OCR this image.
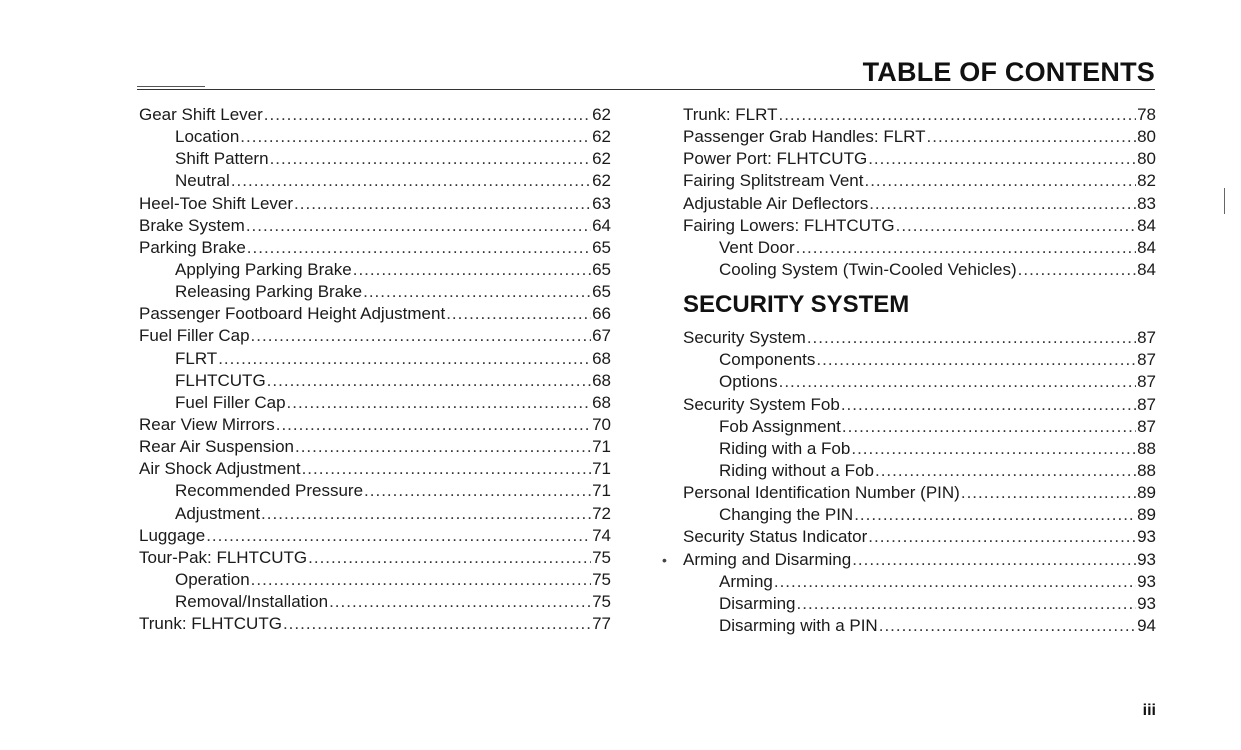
TABLE OF CONTENTS
Gear Shift Lever .....	62
Location .....	62
Shift Pattern .....	62
Neutral .....	62
Heel-Toe Shift Lever .....	63
Brake System .....	64
Parking Brake .....	65
Applying Parking Brake .....	65
Releasing Parking Brake .....	65
Passenger Footboard Height Adjustment .....	66
Fuel Filler Cap .....	67
FLRT .....	68
FLHTCUTG .....	68
Fuel Filler Cap .....	68
Rear View Mirrors .....	70
Rear Air Suspension .....	71
Air Shock Adjustment .....	71
Recommended Pressure .....	71
Adjustment .....	72
Luggage .....	74
Tour-Pak: FLHTCUTG .....	75
Operation .....	75
Removal/Installation .....	75
Trunk: FLHTCUTG .....	77
Trunk: FLRT .....	78
Passenger Grab Handles: FLRT .....	80
Power Port: FLHTCUTG .....	80
Fairing Splitstream Vent .....	82
Adjustable Air Deflectors .....	83
Fairing Lowers: FLHTCUTG .....	84
Vent Door .....	84
Cooling System (Twin-Cooled Vehicles) .....	84
SECURITY SYSTEM
Security System .....	87
Components .....	87
Options .....	87
Security System Fob .....	87
Fob Assignment .....	87
Riding with a Fob .....	88
Riding without a Fob .....	88
Personal Identification Number (PIN) .....	89
Changing the PIN .....	89
Security Status Indicator .....	93
• Arming and Disarming .....	93
Arming .....	93
Disarming .....	93
Disarming with a PIN .....	94
iii
